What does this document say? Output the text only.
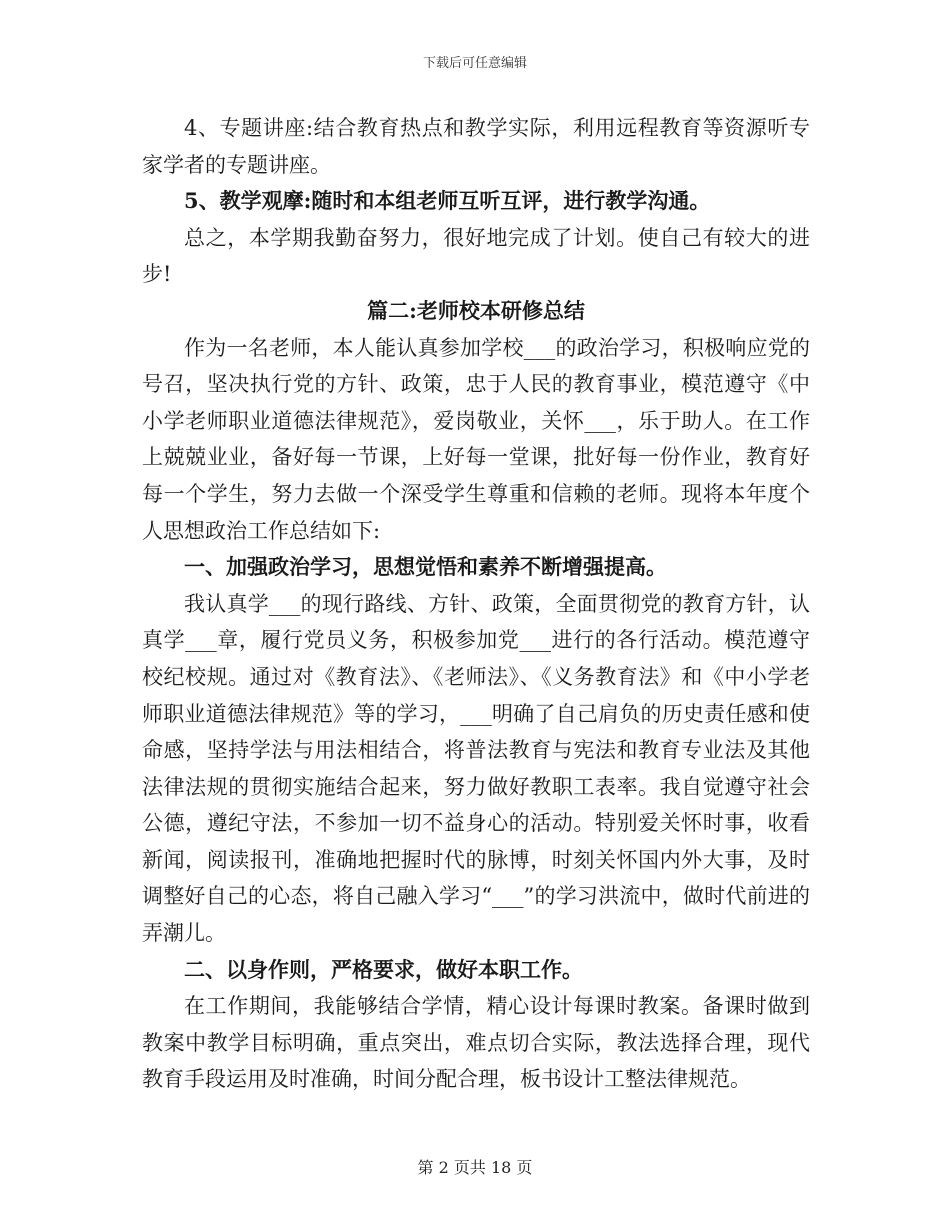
下载后可任意编辑

4、专题讲座:结合教育热点和教学实际，利用远程教育等资源听专家学者的专题讲座。

5、教学观摩:随时和本组老师互听互评，进行教学沟通。

总之，本学期我勤奋努力，很好地完成了计划。使自己有较大的进步!

篇二:老师校本研修总结

作为一名老师，本人能认真参加学校___的政治学习，积极响应党的号召，坚决执行党的方针、政策，忠于人民的教育事业，模范遵守《中小学老师职业道德法律规范》，爱岗敬业，关怀___，乐于助人。在工作上兢兢业业，备好每一节课，上好每一堂课，批好每一份作业，教育好每一个学生，努力去做一个深受学生尊重和信赖的老师。现将本年度个人思想政治工作总结如下:

一、加强政治学习，思想觉悟和素养不断增强提高。

我认真学___的现行路线、方针、政策，全面贯彻党的教育方针，认真学___章，履行党员义务，积极参加党___进行的各行活动。模范遵守校纪校规。通过对《教育法》、《老师法》、《义务教育法》和《中小学老师职业道德法律规范》等的学习，___明确了自己肩负的历史责任感和使命感，坚持学法与用法相结合，将普法教育与宪法和教育专业法及其他法律法规的贯彻实施结合起来，努力做好教职工表率。我自觉遵守社会公德，遵纪守法，不参加一切不益身心的活动。特别爱关怀时事，收看新闻，阅读报刊，准确地把握时代的脉博，时刻关怀国内外大事，及时调整好自己的心态，将自己融入学习“___”的学习洪流中，做时代前进的弄潮儿。

二、以身作则，严格要求，做好本职工作。

在工作期间，我能够结合学情，精心设计每课时教案。备课时做到教案中教学目标明确，重点突出，难点切合实际，教法选择合理，现代教育手段运用及时准确，时间分配合理，板书设计工整法律规范。

第 2 页共 18 页
